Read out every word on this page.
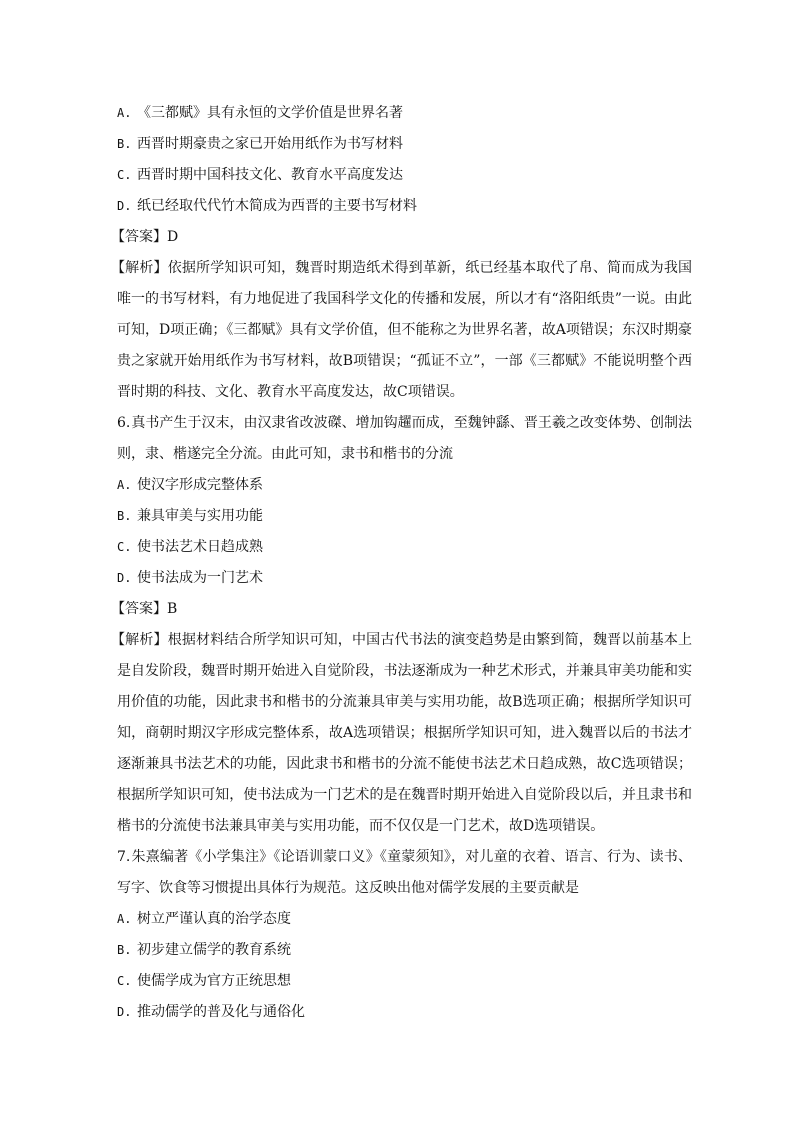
A. 《三都赋》具有永恒的文学价值是世界名著
B. 西晋时期豪贵之家已开始用纸作为书写材料
C. 西晋时期中国科技文化、教育水平高度发达
D. 纸已经取代代竹木简成为西晋的主要书写材料
【答案】D
【解析】依据所学知识可知，魏晋时期造纸术得到革新，纸已经基本取代了帛、简而成为我国唯一的书写材料，有力地促进了我国科学文化的传播和发展，所以才有“洛阳纸贵”一说。由此可知，D项正确；《三都赋》具有文学价值，但不能称之为世界名著，故A项错误；东汉时期豪贵之家就开始用纸作为书写材料，故B项错误；“孤证不立”，一部《三都赋》不能说明整个西晋时期的科技、文化、教育水平高度发达，故C项错误。
6.真书产生于汉末，由汉隶省改波磔、增加钩趯而成，至魏钟繇、晋王羲之改变体势、创制法则，隶、楷遂完全分流。由此可知，隶书和楷书的分流
A. 使汉字形成完整体系
B. 兼具审美与实用功能
C. 使书法艺术日趋成熟
D. 使书法成为一门艺术
【答案】B
【解析】根据材料结合所学知识可知，中国古代书法的演变趋势是由繁到简，魏晋以前基本上是自发阶段，魏晋时期开始进入自觉阶段，书法逐渐成为一种艺术形式，并兼具审美功能和实用价值的功能，因此隶书和楷书的分流兼具审美与实用功能，故B选项正确；根据所学知识可知，商朝时期汉字形成完整体系，故A选项错误；根据所学知识可知，进入魏晋以后的书法才逐渐兼具书法艺术的功能，因此隶书和楷书的分流不能使书法艺术日趋成熟，故C选项错误；根据所学知识可知，使书法成为一门艺术的是在魏晋时期开始进入自觉阶段以后，并且隶书和楷书的分流使书法兼具审美与实用功能，而不仅仅是一门艺术，故D选项错误。
7.朱熹编著《小学集注》《论语训蒙口义》《童蒙须知》，对儿童的衣着、语言、行为、读书、写字、饮食等习惯提出具体行为规范。这反映出他对儒学发展的主要贡献是
A. 树立严谨认真的治学态度
B. 初步建立儒学的教育系统
C. 使儒学成为官方正统思想
D. 推动儒学的普及化与通俗化
